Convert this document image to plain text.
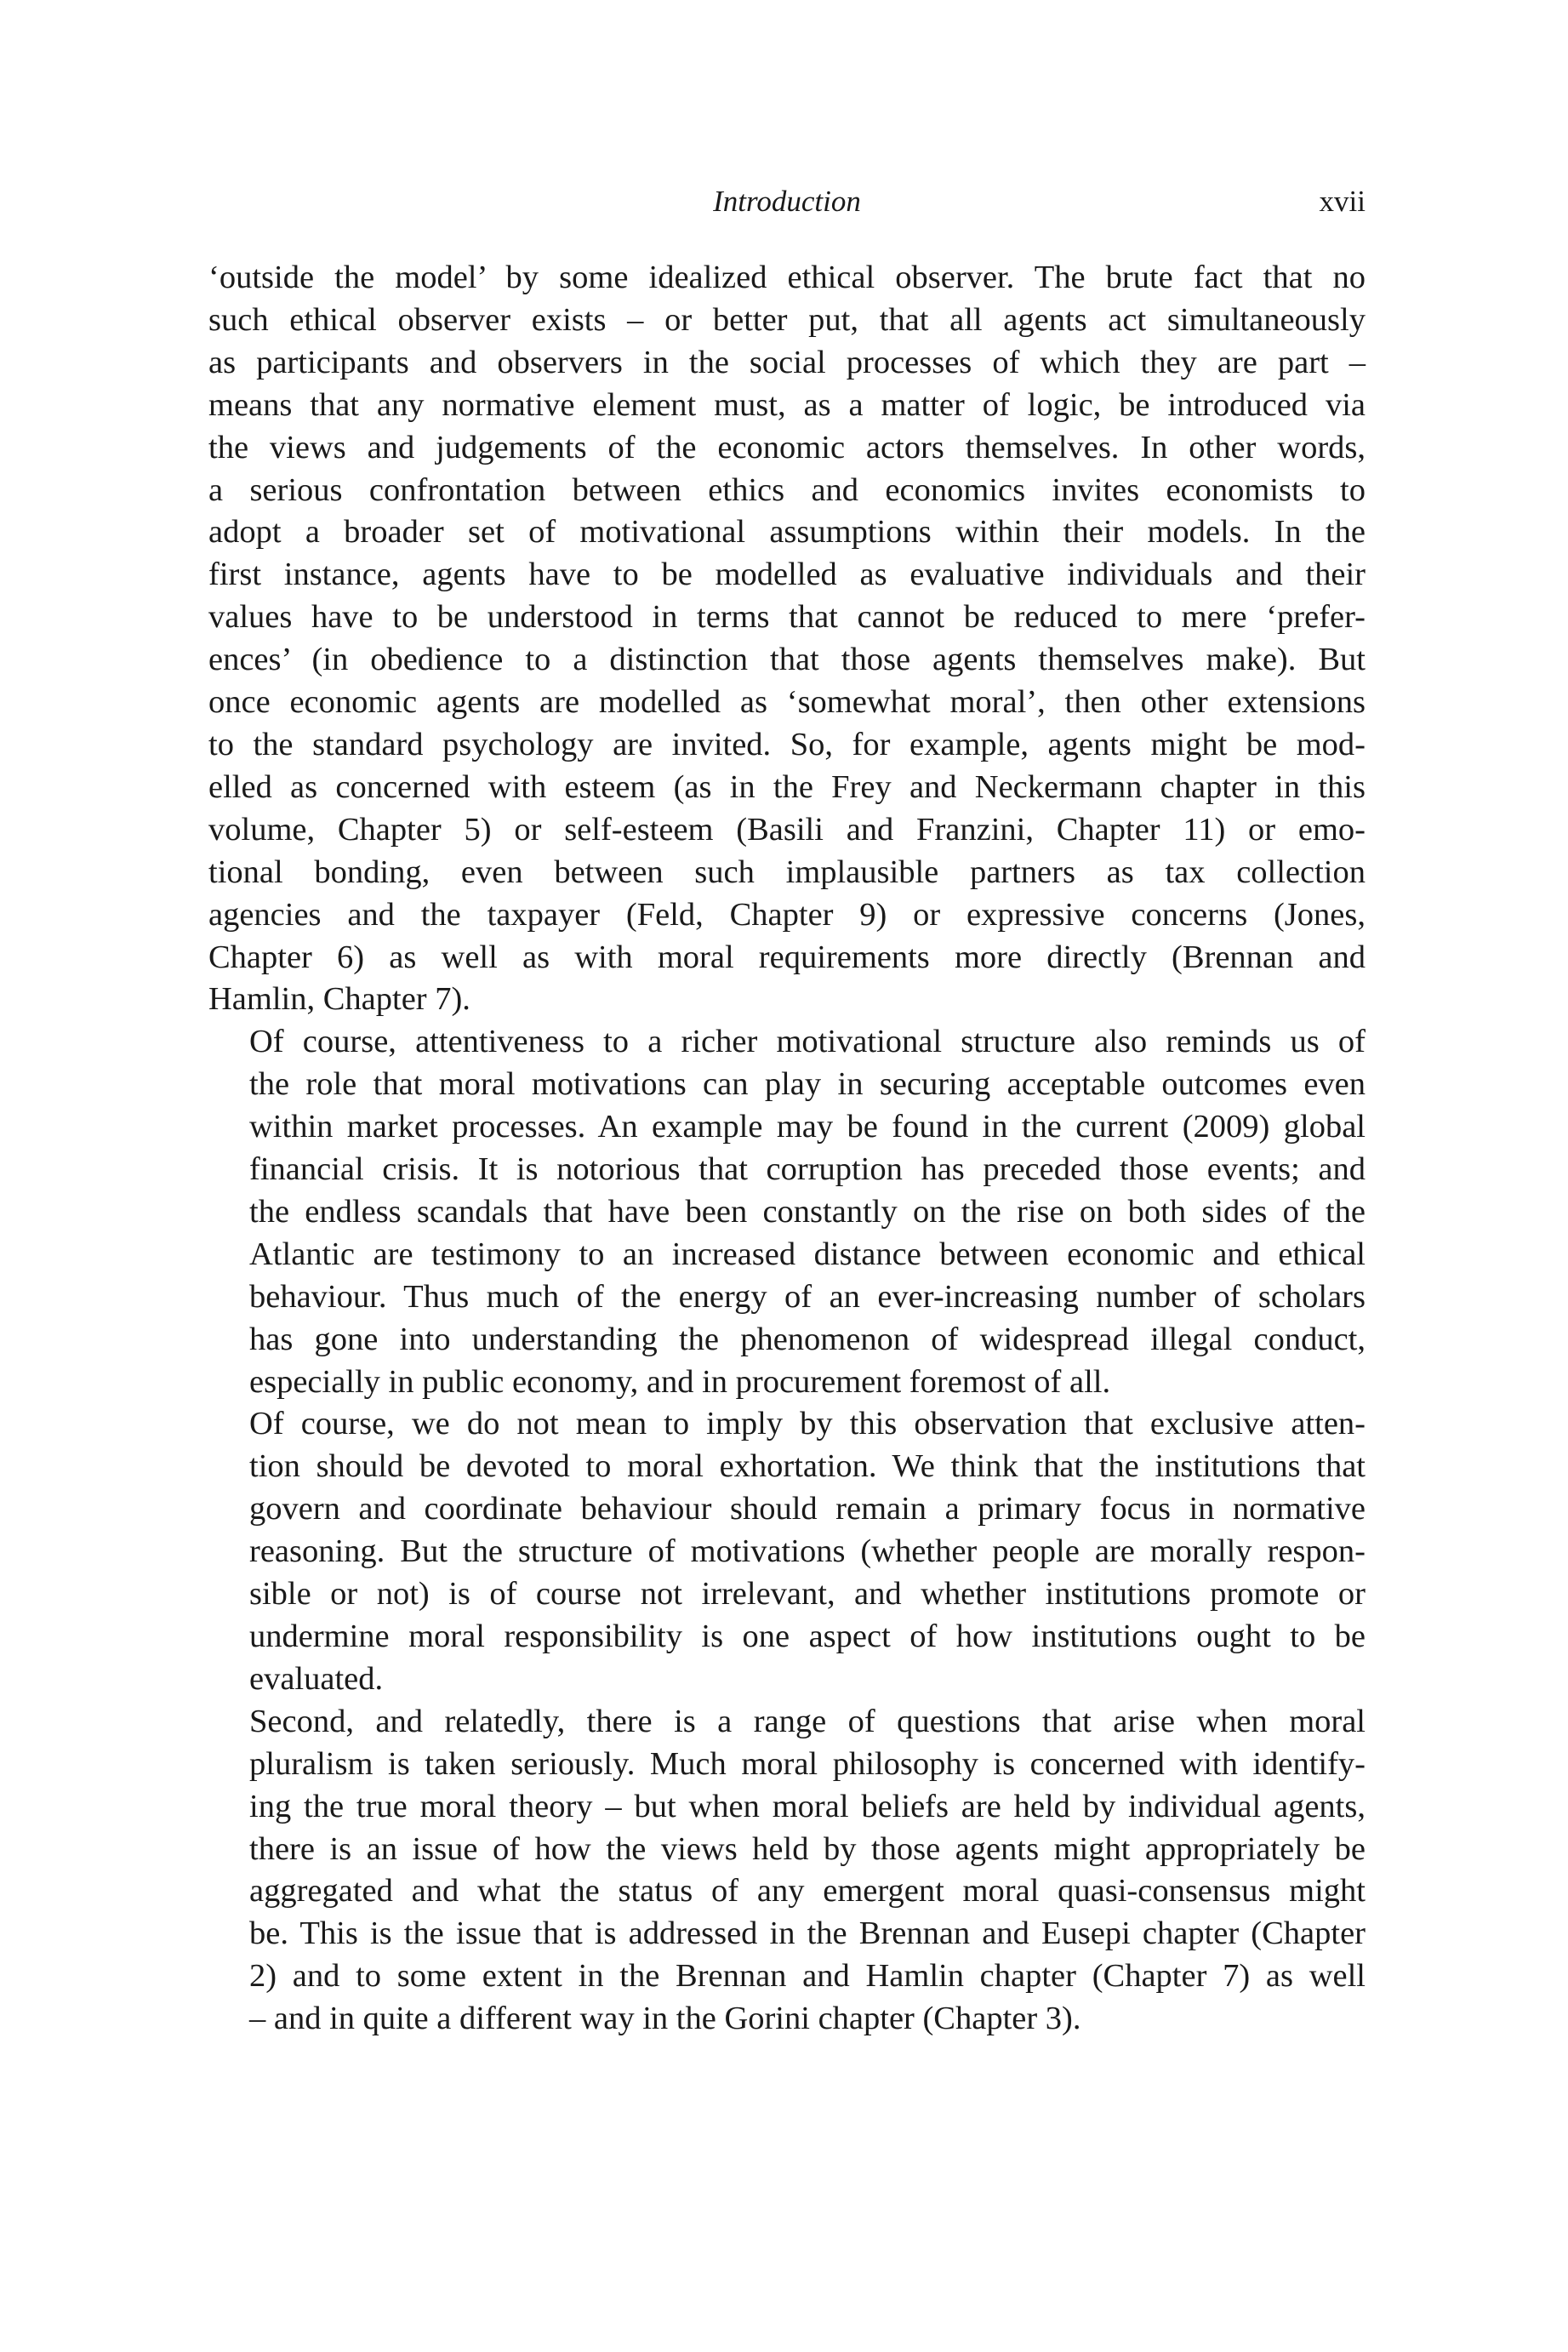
Introduction	xvii

‘outside the model’ by some idealized ethical observer. The brute fact that no
such ethical observer exists – or better put, that all agents act simultaneously
as participants and observers in the social processes of which they are part –
means that any normative element must, as a matter of logic, be introduced via
the views and judgements of the economic actors themselves. In other words,
a serious confrontation between ethics and economics invites economists to
adopt a broader set of motivational assumptions within their models. In the
first instance, agents have to be modelled as evaluative individuals and their
values have to be understood in terms that cannot be reduced to mere ‘prefer-
ences’ (in obedience to a distinction that those agents themselves make). But
once economic agents are modelled as ‘somewhat moral’, then other extensions
to the standard psychology are invited. So, for example, agents might be mod-
elled as concerned with esteem (as in the Frey and Neckermann chapter in this
volume, Chapter 5) or self-esteem (Basili and Franzini, Chapter 11) or emo-
tional bonding, even between such implausible partners as tax collection
agencies and the taxpayer (Feld, Chapter 9) or expressive concerns (Jones,
Chapter 6) as well as with moral requirements more directly (Brennan and
Hamlin, Chapter 7).

Of course, attentiveness to a richer motivational structure also reminds us of
the role that moral motivations can play in securing acceptable outcomes even
within market processes. An example may be found in the current (2009) global
financial crisis. It is notorious that corruption has preceded those events; and
the endless scandals that have been constantly on the rise on both sides of the
Atlantic are testimony to an increased distance between economic and ethical
behaviour. Thus much of the energy of an ever-increasing number of scholars
has gone into understanding the phenomenon of widespread illegal conduct,
especially in public economy, and in procurement foremost of all.

Of course, we do not mean to imply by this observation that exclusive atten-
tion should be devoted to moral exhortation. We think that the institutions that
govern and coordinate behaviour should remain a primary focus in normative
reasoning. But the structure of motivations (whether people are morally respon-
sible or not) is of course not irrelevant, and whether institutions promote or
undermine moral responsibility is one aspect of how institutions ought to be
evaluated.

Second, and relatedly, there is a range of questions that arise when moral
pluralism is taken seriously. Much moral philosophy is concerned with identify-
ing the true moral theory – but when moral beliefs are held by individual agents,
there is an issue of how the views held by those agents might appropriately be
aggregated and what the status of any emergent moral quasi-consensus might
be. This is the issue that is addressed in the Brennan and Eusepi chapter (Chapter
2) and to some extent in the Brennan and Hamlin chapter (Chapter 7) as well
– and in quite a different way in the Gorini chapter (Chapter 3).
